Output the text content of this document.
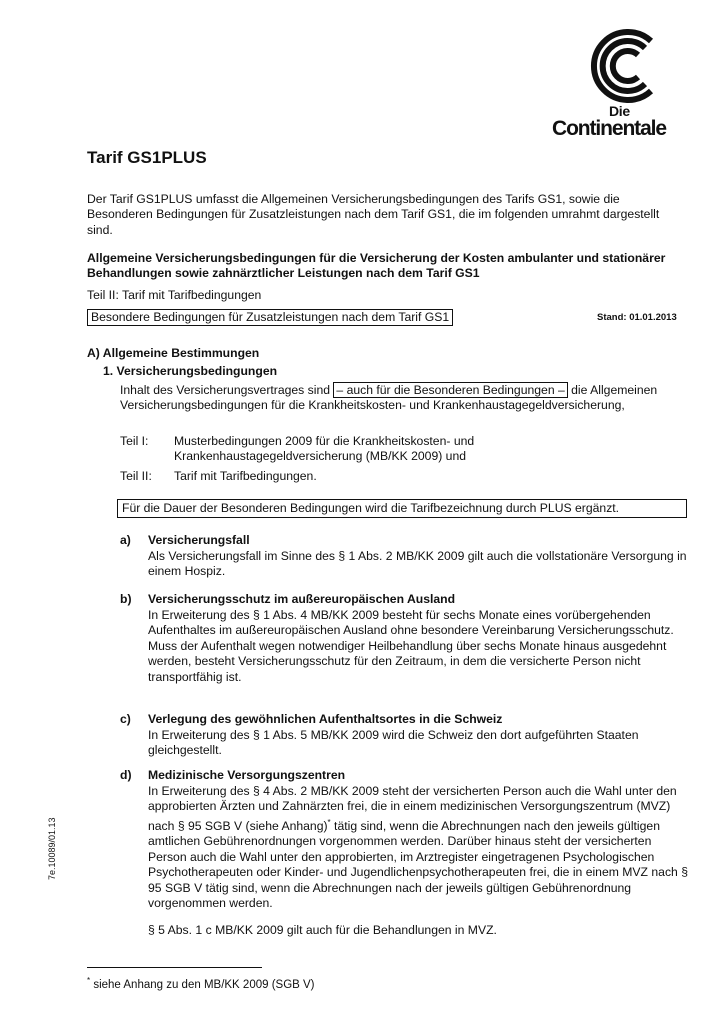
Die
Continentale
Tarif GS1PLUS
Der Tarif GS1PLUS umfasst die Allgemeinen Versicherungsbedingungen des Tarifs GS1, sowie die Besonderen Bedingungen für Zusatzleistungen nach dem Tarif GS1, die im folgenden umrahmt dargestellt sind.
Allgemeine Versicherungsbedingungen für die Versicherung der Kosten ambulanter und stationärer Behandlungen sowie zahnärztlicher Leistungen nach dem Tarif GS1
Teil II: Tarif mit Tarifbedingungen
Besondere Bedingungen für Zusatzleistungen nach dem Tarif GS1	Stand: 01.01.2013
A) Allgemeine Bestimmungen
1. Versicherungsbedingungen
Inhalt des Versicherungsvertrages sind – auch für die Besonderen Bedingungen – die Allgemeinen Versicherungsbedingungen für die Krankheitskosten- und Krankenhaustagegeldversicherung,
Teil I: Musterbedingungen 2009 für die Krankheitskosten- und Krankenhaustagegeldversicherung (MB/KK 2009) und
Teil II: Tarif mit Tarifbedingungen.
Für die Dauer der Besonderen Bedingungen wird die Tarifbezeichnung durch PLUS ergänzt.
a) Versicherungsfall
Als Versicherungsfall im Sinne des § 1 Abs. 2 MB/KK 2009 gilt auch die vollstationäre Versorgung in einem Hospiz.
b) Versicherungsschutz im außereuropäischen Ausland
In Erweiterung des § 1 Abs. 4 MB/KK 2009 besteht für sechs Monate eines vorübergehenden Aufenthaltes im außereuropäischen Ausland ohne besondere Vereinbarung Versicherungsschutz. Muss der Aufenthalt wegen notwendiger Heilbehandlung über sechs Monate hinaus ausgedehnt werden, besteht Versicherungsschutz für den Zeitraum, in dem die versicherte Person nicht transportfähig ist.
c) Verlegung des gewöhnlichen Aufenthaltsortes in die Schweiz
In Erweiterung des § 1 Abs. 5 MB/KK 2009 wird die Schweiz den dort aufgeführten Staaten gleichgestellt.
d) Medizinische Versorgungszentren
In Erweiterung des § 4 Abs. 2 MB/KK 2009 steht der versicherten Person auch die Wahl unter den approbierten Ärzten und Zahnärzten frei, die in einem medizinischen Versorgungszentrum (MVZ) nach § 95 SGB V (siehe Anhang)* tätig sind, wenn die Abrechnungen nach den jeweils gültigen amtlichen Gebührenordnungen vorgenommen werden. Darüber hinaus steht der versicherten Person auch die Wahl unter den approbierten, im Arztregister eingetragenen Psychologischen Psychotherapeuten oder Kinder- und Jugendlichenpsychotherapeuten frei, die in einem MVZ nach § 95 SGB V tätig sind, wenn die Abrechnungen nach der jeweils gültigen Gebührenordnung vorgenommen werden.
§ 5 Abs. 1 c MB/KK 2009 gilt auch für die Behandlungen in MVZ.
* siehe Anhang zu den MB/KK 2009 (SGB V)
7e.10089/01.13
